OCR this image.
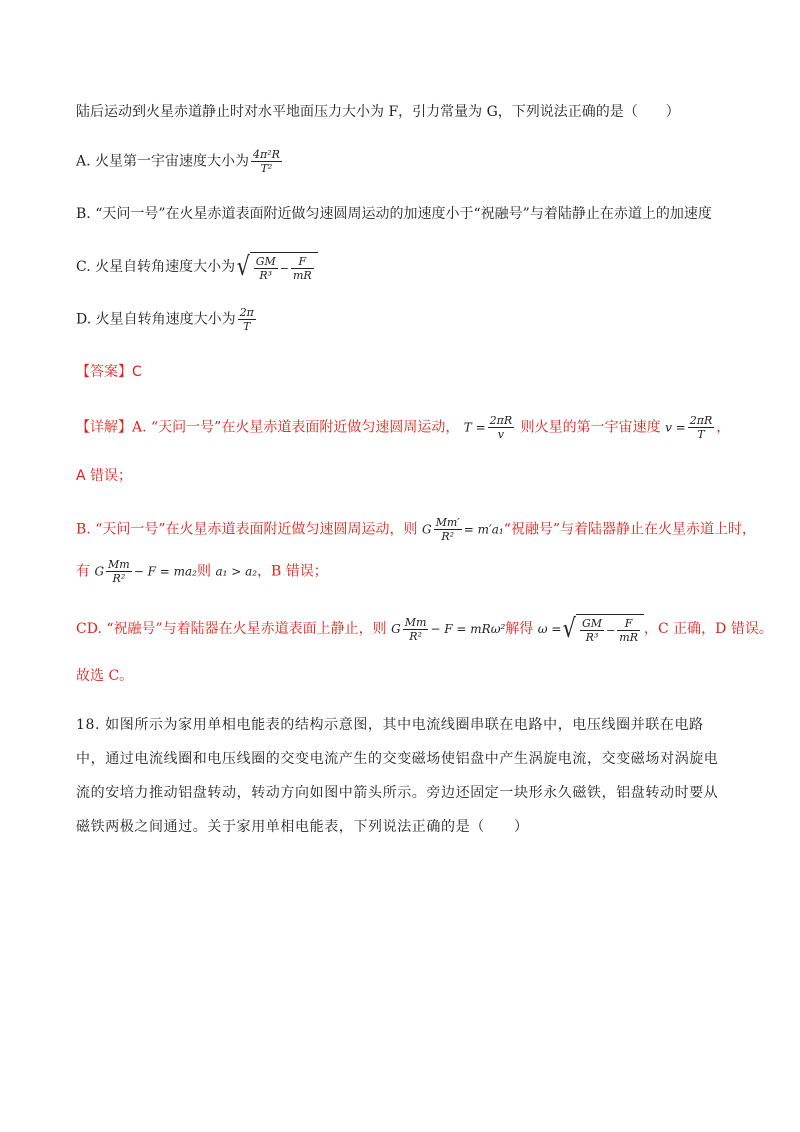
陆后运动到火星赤道静止时对水平地面压力大小为 F，引力常量为 G，下列说法正确的是（　　）
A. 火星第一宇宙速度大小为 $\frac{\text{4π²R}}{\text{T²}}$
B. “天问一号”在火星赤道表面附近做匀速圆周运动的加速度小于“祝融号”与着陆静止在赤道上的加速度
C. 火星自转角速度大小为 √ $\frac{GM}{\text{R³}} - \frac{F}{mR}$
D. 火星自转角速度大小为 $\frac{2\pi}{T}$
【答案】C
【详解】A. “天问一号”在火星赤道表面附近做匀速圆周运动， $T = \frac{2\pi R}{v}$ 则火星的第一宇宙速度 $v = \frac{2\pi R}{T}$ ，
A 错误；
B. “天问一号”在火星赤道表面附近做匀速圆周运动，则 G $\frac{Mm'}{\text{R²}}$ = m′a₁“祝融号”与着陆器静止在火星赤道上时，
有 G $\frac{Mm}{\text{R²}} - F = ma_2$则 a₁ > a₂，B 错误；
CD. “祝融号”与着陆器在火星赤道表面上静止，则 G $\frac{Mm}{\text{R²}} - F = mR\omega^2$解得 ω = √ $\frac{GM}{\text{R³}} - \frac{F}{mR}$ ，C 正确，D 错误。
故选 C。
18. 如图所示为家用单相电能表的结构示意图，其中电流线圈串联在电路中，电压线圈并联在电路中，通过电流线圈和电压线圈的交变电流产生的交变磁场使铝盘中产生涡旋电流，交变磁场对涡旋电流的安培力推动铝盘转动，转动方向如图中箭头所示。旁边还固定一块形永久磁铁，铝盘转动时要从磁铁两极之间通过。关于家用单相电能表，下列说法正确的是（　　）
